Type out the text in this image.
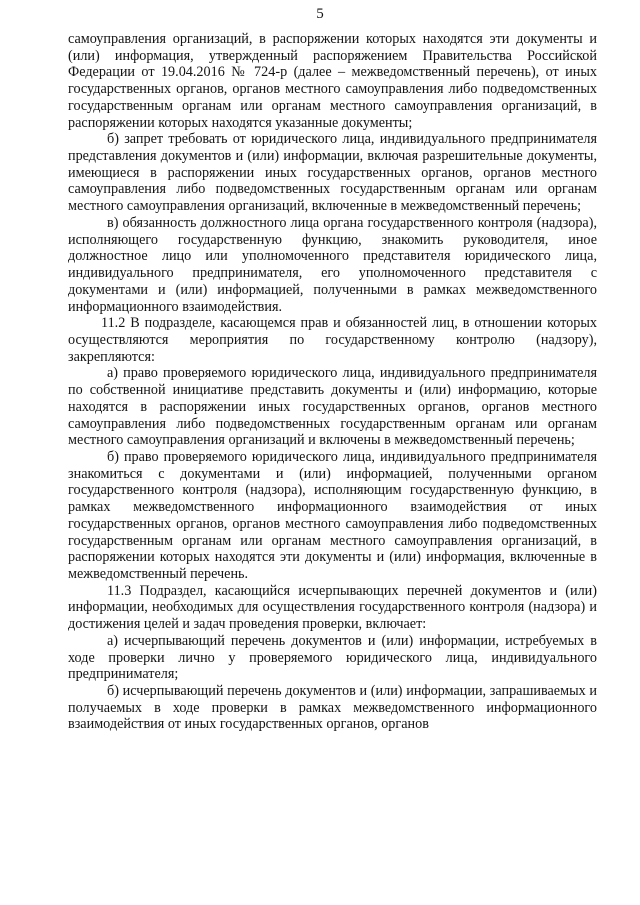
5

самоуправления организаций, в распоряжении которых находятся эти документы и (или) информация, утвержденный распоряжением Правительства Российской Федерации от 19.04.2016 № 724-р (далее – межведомственный перечень), от иных государственных органов, органов местного самоуправления либо подведомственных государственным органам или органам местного самоуправления организаций, в распоряжении которых находятся указанные документы;

б) запрет требовать от юридического лица, индивидуального предпринимателя представления документов и (или) информации, включая разрешительные документы, имеющиеся в распоряжении иных государственных органов, органов местного самоуправления либо подведомственных государственным органам или органам местного самоуправления организаций, включенные в межведомственный перечень;

в) обязанность должностного лица органа государственного контроля (надзора), исполняющего государственную функцию, знакомить руководителя, иное должностное лицо или уполномоченного представителя юридического лица, индивидуального предпринимателя, его уполномоченного представителя с документами и (или) информацией, полученными в рамках межведомственного информационного взаимодействия.

11.2 В подразделе, касающемся прав и обязанностей лиц, в отношении которых осуществляются мероприятия по государственному контролю (надзору), закрепляются:

а) право проверяемого юридического лица, индивидуального предпринимателя по собственной инициативе представить документы и (или) информацию, которые находятся в распоряжении иных государственных органов, органов местного самоуправления либо подведомственных государственным органам или органам местного самоуправления организаций и включены в межведомственный перечень;

б) право проверяемого юридического лица, индивидуального предпринимателя знакомиться с документами и (или) информацией, полученными органом государственного контроля (надзора), исполняющим государственную функцию, в рамках межведомственного информационного взаимодействия от иных государственных органов, органов местного самоуправления либо подведомственных государственным органам или органам местного самоуправления организаций, в распоряжении которых находятся эти документы и (или) информация, включенные в межведомственный перечень.

11.3 Подраздел, касающийся исчерпывающих перечней документов и (или) информации, необходимых для осуществления государственного контроля (надзора) и достижения целей и задач проведения проверки, включает:

а) исчерпывающий перечень документов и (или) информации, истребуемых в ходе проверки лично у проверяемого юридического лица, индивидуального предпринимателя;

б) исчерпывающий перечень документов и (или) информации, запрашиваемых и получаемых в ходе проверки в рамках межведомственного информационного взаимодействия от иных государственных органов, органов
